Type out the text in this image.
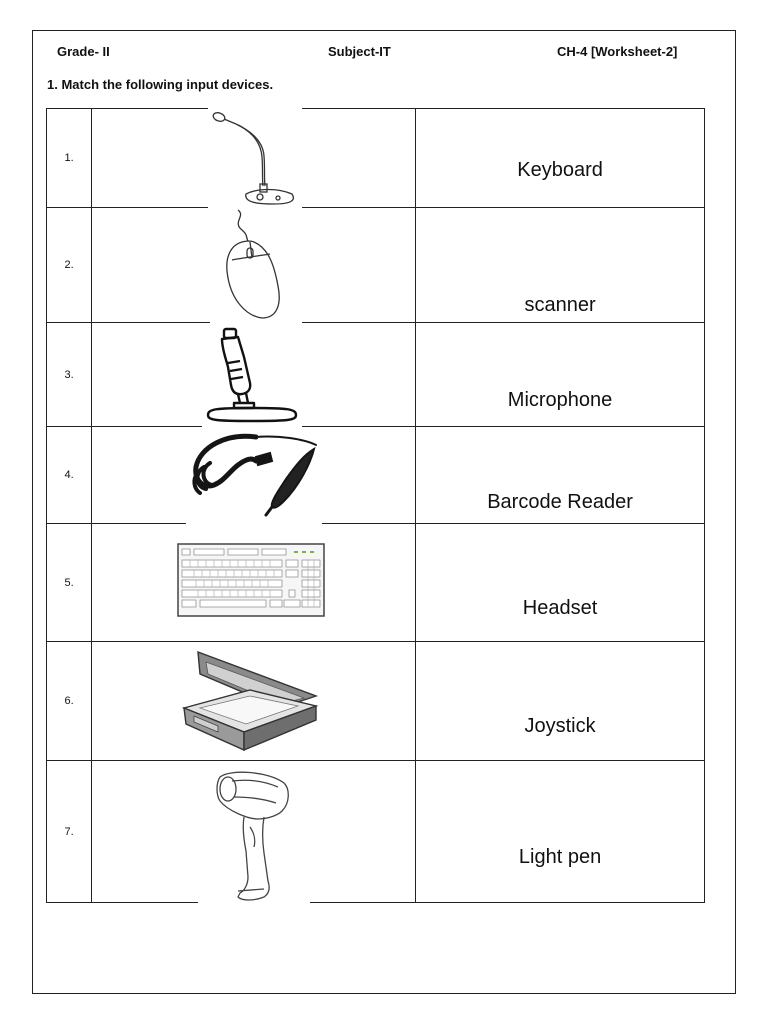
Grade- II	Subject-IT	CH-4 [Worksheet-2]
1. Match the following input devices.
1.		Keyboard

2.		scanner

3.		Microphone

4.		Barcode Reader

5.		Headset

6.		Joystick

7.		Light pen
